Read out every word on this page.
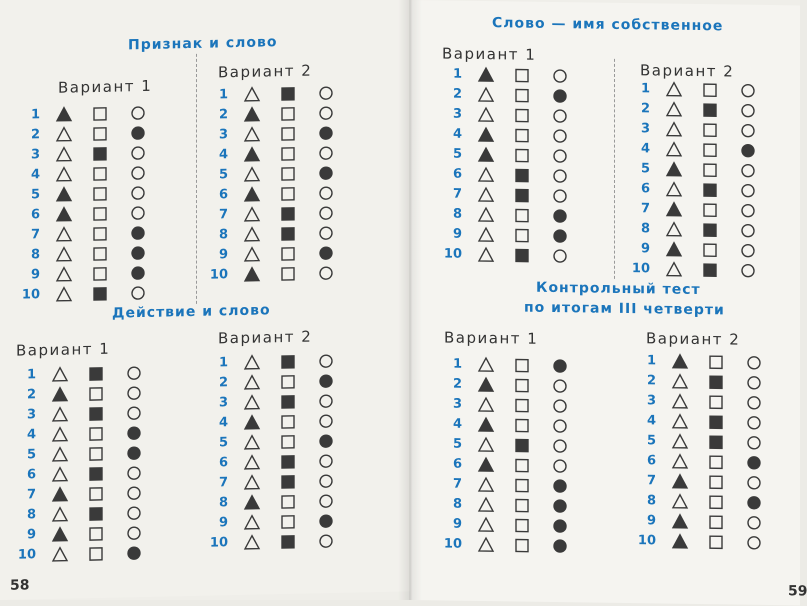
Признак и слово
Вариант 1
1
2
3
4
5
6
7
8
9
10
Вариант 2
1
2
3
4
5
6
7
8
9
10
Действие и слово
Вариант 1
1
2
3
4
5
6
7
8
9
10
Вариант 2
1
2
3
4
5
6
7
8
9
10
58
Слово — имя собственное
Вариант 1
1
2
3
4
5
6
7
8
9
10
Вариант 2
1
2
3
4
5
6
7
8
9
10
Контрольный тест
по итогам III четверти
Вариант 1
1
2
3
4
5
6
7
8
9
10
Вариант 2
1
2
3
4
5
6
7
8
9
10
59
